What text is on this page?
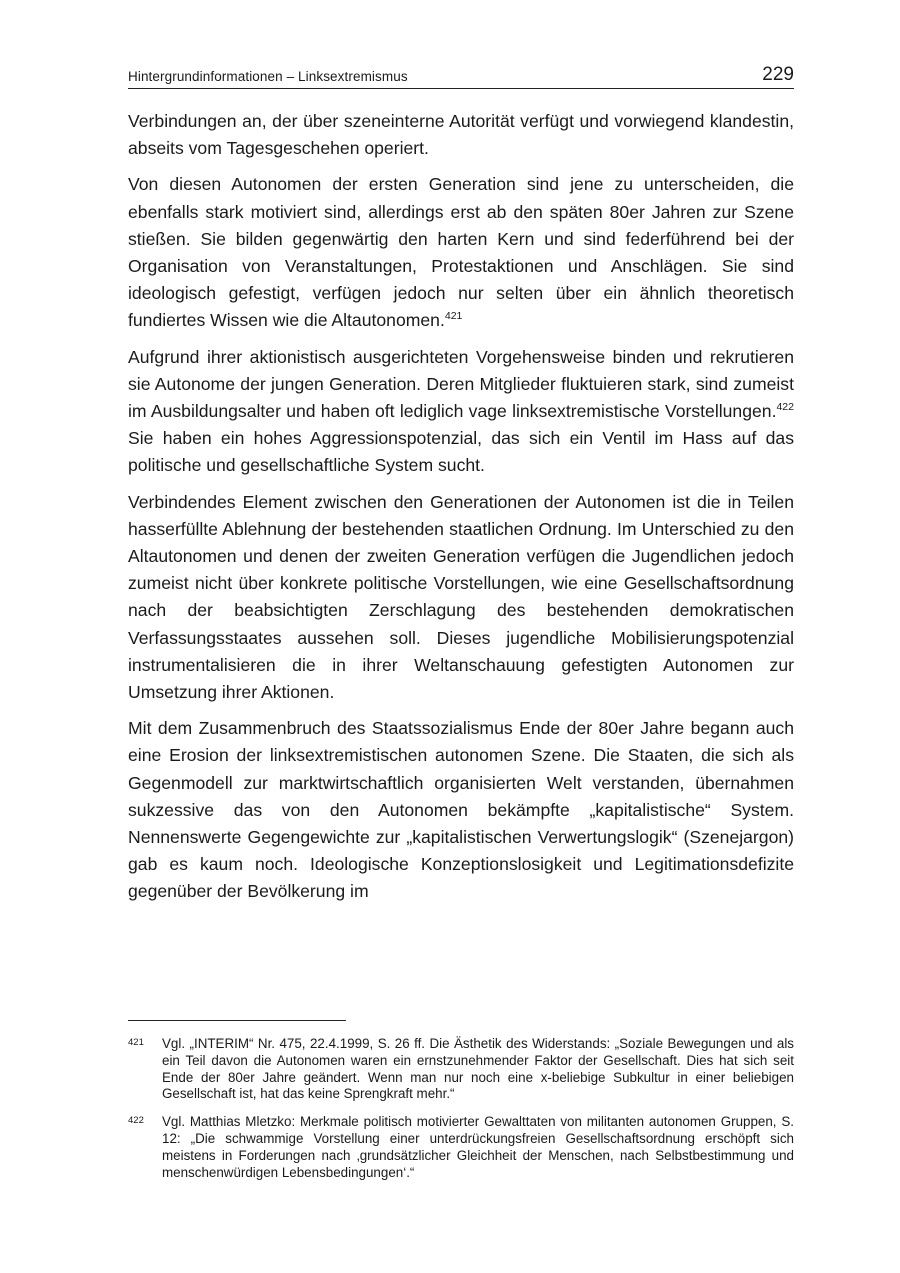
Hintergrundinformationen – Linksextremismus	229

Verbindungen an, der über szeneinterne Autorität verfügt und vorwiegend klandestin, abseits vom Tagesgeschehen operiert.

Von diesen Autonomen der ersten Generation sind jene zu unterscheiden, die ebenfalls stark motiviert sind, allerdings erst ab den späten 80er Jahren zur Szene stießen. Sie bilden gegenwärtig den harten Kern und sind federführend bei der Organisation von Veranstaltungen, Protestaktionen und Anschlägen. Sie sind ideologisch gefestigt, verfügen jedoch nur selten über ein ähnlich theoretisch fundiertes Wissen wie die Altautonomen.$^{421}$

Aufgrund ihrer aktionistisch ausgerichteten Vorgehensweise binden und rekrutieren sie Autonome der jungen Generation. Deren Mitglieder fluktuieren stark, sind zumeist im Ausbildungsalter und haben oft lediglich vage linksextremistische Vorstellungen.$^{422}$ Sie haben ein hohes Aggressionspotenzial, das sich ein Ventil im Hass auf das politische und gesellschaftliche System sucht.

Verbindendes Element zwischen den Generationen der Autonomen ist die in Teilen hasserfüllte Ablehnung der bestehenden staatlichen Ordnung. Im Unterschied zu den Altautonomen und denen der zweiten Generation verfügen die Jugendlichen jedoch zumeist nicht über konkrete politische Vorstellungen, wie eine Gesellschaftsordnung nach der beabsichtigten Zerschlagung des bestehenden demokratischen Verfassungsstaates aussehen soll. Dieses jugendliche Mobilisierungspotenzial instrumentalisieren die in ihrer Weltanschauung gefestigten Autonomen zur Umsetzung ihrer Aktionen.

Mit dem Zusammenbruch des Staatssozialismus Ende der 80er Jahre begann auch eine Erosion der linksextremistischen autonomen Szene. Die Staaten, die sich als Gegenmodell zur marktwirtschaftlich organisierten Welt verstanden, übernahmen sukzessive das von den Autonomen bekämpfte „kapitalistische“ System. Nennenswerte Gegengewichte zur „kapitalistischen Verwertungslogik“ (Szenejargon) gab es kaum noch. Ideologische Konzeptionslosigkeit und Legitimationsdefizite gegenüber der Bevölkerung im

421	Vgl. „INTERIM“ Nr. 475, 22.4.1999, S. 26 ff. Die Ästhetik des Widerstands: „Soziale Bewegungen und als ein Teil davon die Autonomen waren ein ernstzunehmender Faktor der Gesellschaft. Dies hat sich seit Ende der 80er Jahre geändert. Wenn man nur noch eine x-beliebige Subkultur in einer beliebigen Gesellschaft ist, hat das keine Sprengkraft mehr.“
422	Vgl. Matthias Mletzko: Merkmale politisch motivierter Gewalttaten von militanten autonomen Gruppen, S. 12: „Die schwammige Vorstellung einer unterdrückungsfreien Gesellschaftsordnung erschöpft sich meistens in Forderungen nach ‚grundsätzlicher Gleichheit der Menschen, nach Selbstbestimmung und menschenwürdigen Lebensbedingungen‘.“
